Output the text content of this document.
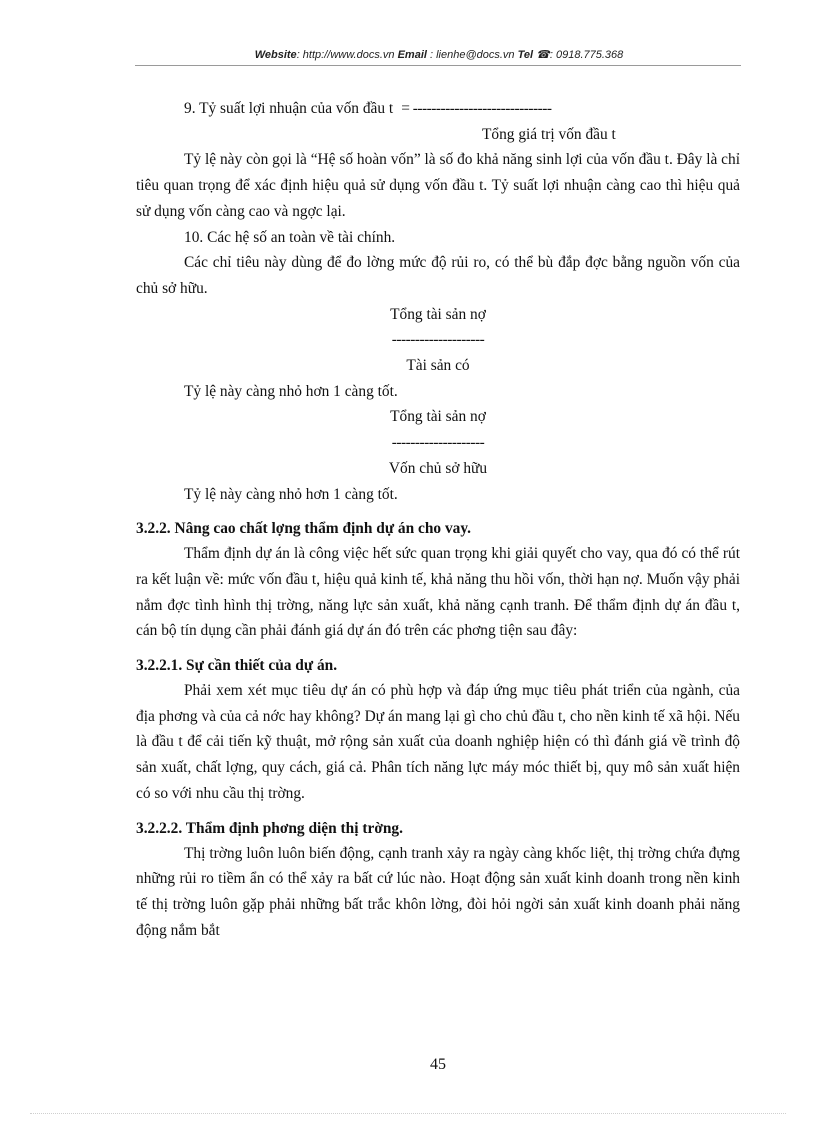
Website: http://www.docs.vn Email : lienhe@docs.vn Tel ☎: 0918.775.368
9. Tỷ suất lợi nhuận của vốn đầu t = ------------------------------
Tổng giá trị vốn đầu t

Tỷ lệ này còn gọi là “Hệ số hoàn vốn” là số đo khả năng sinh lợi của vốn đầu t. Đây là chỉ tiêu quan trọng để xác định hiệu quả sử dụng vốn đầu t. Tỷ suất lợi nhuận càng cao thì hiệu quả sử dụng vốn càng cao và ngợc lại.

10. Các hệ số an toàn về tài chính.

Các chỉ tiêu này dùng để đo lờng mức độ rủi ro, có thể bù đắp đợc bằng nguồn vốn của chủ sở hữu.

Tổng tài sản nợ

--------------------

Tài sản có

Tỷ lệ này càng nhỏ hơn 1 càng tốt.

Tổng tài sản nợ

--------------------

Vốn chủ sở hữu

Tỷ lệ này càng nhỏ hơn 1 càng tốt.

3.2.2. Nâng cao chất lợng thẩm định dự án cho vay.

Thẩm định dự án là công việc hết sức quan trọng khi giải quyết cho vay, qua đó có thể rút ra kết luận về: mức vốn đầu t, hiệu quả kinh tế, khả năng thu hồi vốn, thời hạn nợ. Muốn vậy phải nắm đợc tình hình thị trờng, năng lực sản xuất, khả năng cạnh tranh. Để thẩm định dự án đầu t, cán bộ tín dụng cần phải đánh giá dự án đó trên các phơng tiện sau đây:

3.2.2.1. Sự cần thiết của dự án.

Phải xem xét mục tiêu dự án có phù hợp và đáp ứng mục tiêu phát triển của ngành, của địa phơng và của cả nớc hay không? Dự án mang lại gì cho chủ đầu t, cho nền kinh tế xã hội. Nếu là đầu t để cải tiến kỹ thuật, mở rộng sản xuất của doanh nghiệp hiện có thì đánh giá về trình độ sản xuất, chất lợng, quy cách, giá cả. Phân tích năng lực máy móc thiết bị, quy mô sản xuất hiện có so với nhu cầu thị trờng.

3.2.2.2. Thẩm định phơng diện thị trờng.

Thị trờng luôn luôn biến động, cạnh tranh xảy ra ngày càng khốc liệt, thị trờng chứa đựng những rủi ro tiềm ẩn có thể xảy ra bất cứ lúc nào. Hoạt động sản xuất kinh doanh trong nền kinh tế thị trờng luôn gặp phải những bất trắc khôn lờng, đòi hỏi ngời sản xuất kinh doanh phải năng động nắm bắt

45
